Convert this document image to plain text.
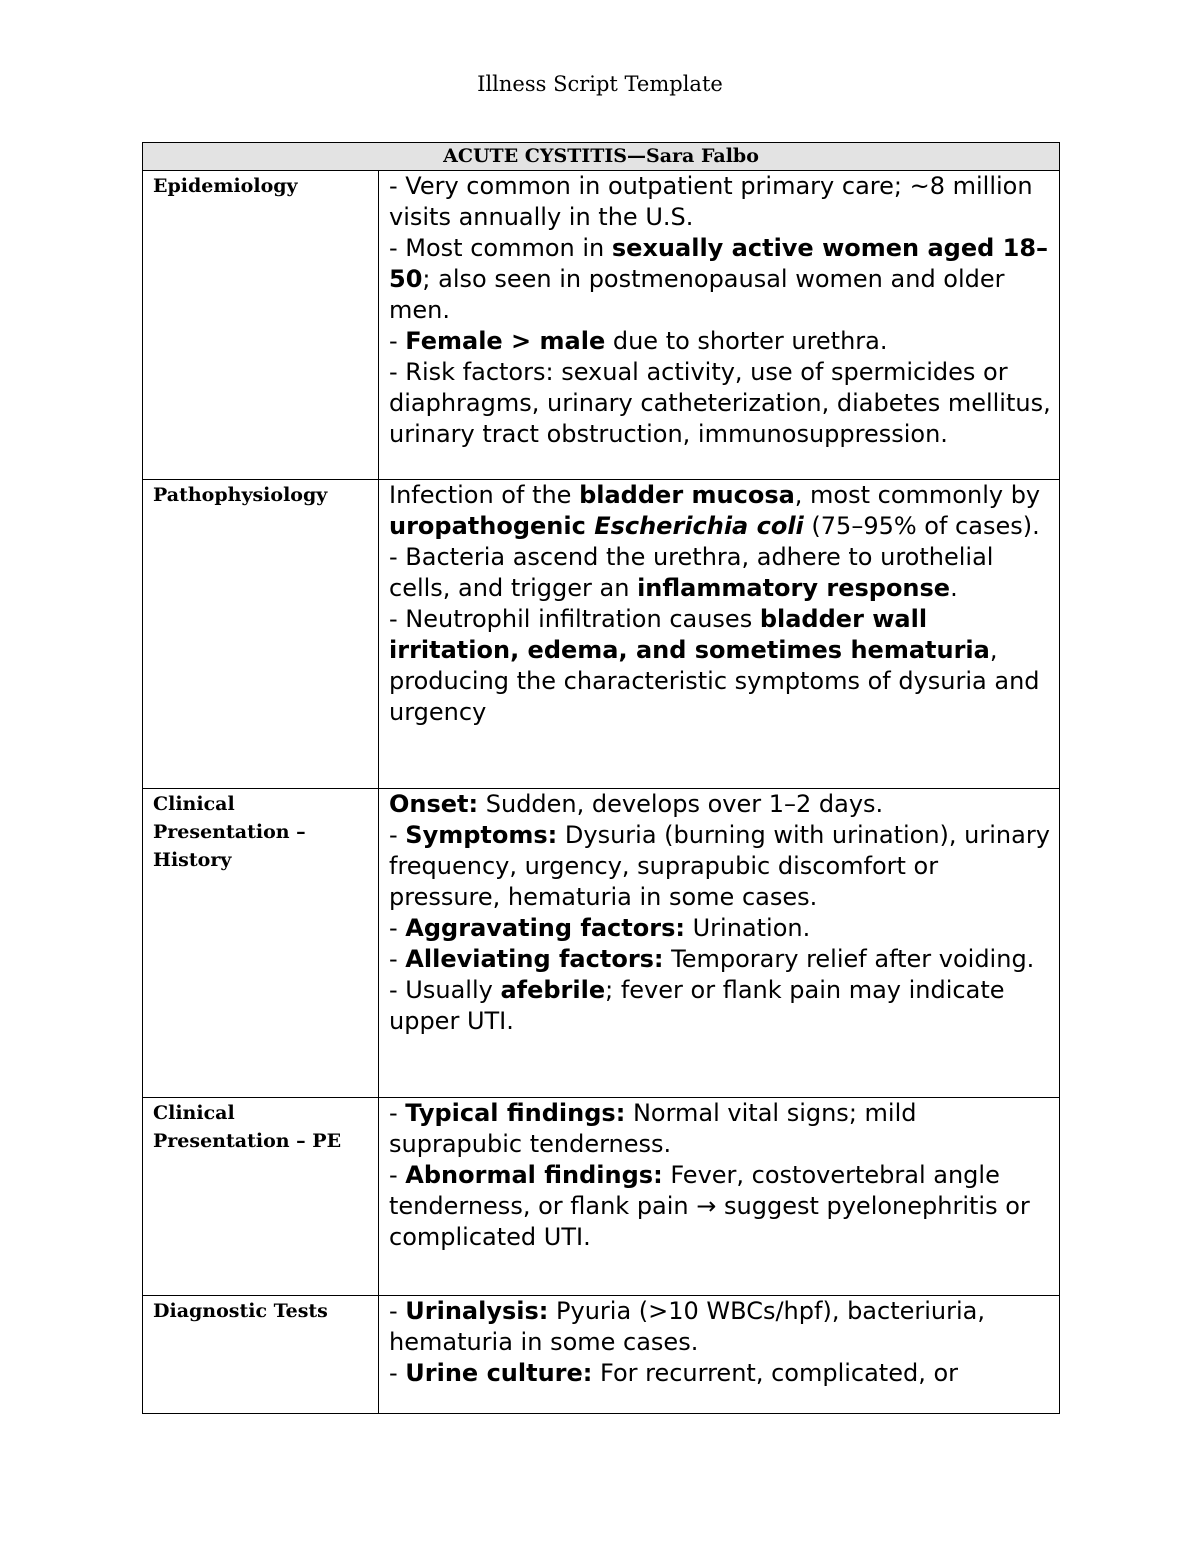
Illness Script Template
ACUTE CYSTITIS—Sara Falbo	
Epidemiology	- Very common in outpatient primary care; ~8 million visits annually in the U.S.
- Most common in sexually active women aged 18–50; also seen in postmenopausal women and older men.
- Female > male due to shorter urethra.
- Risk factors: sexual activity, use of spermicides or diaphragms, urinary catheterization, diabetes mellitus, urinary tract obstruction, immunosuppression.

Pathophysiology	Infection of the bladder mucosa, most commonly by uropathogenic Escherichia coli (75–95% of cases).
- Bacteria ascend the urethra, adhere to urothelial cells, and trigger an inflammatory response.
- Neutrophil infiltration causes bladder wall irritation, edema, and sometimes hematuria, producing the characteristic symptoms of dysuria and urgency

Clinical Presentation – History	Onset: Sudden, develops over 1–2 days.
- Symptoms: Dysuria (burning with urination), urinary frequency, urgency, suprapubic discomfort or pressure, hematuria in some cases.
- Aggravating factors: Urination.
- Alleviating factors: Temporary relief after voiding.
- Usually afebrile; fever or flank pain may indicate upper UTI.

Clinical Presentation – PE	- Typical findings: Normal vital signs; mild suprapubic tenderness.
- Abnormal findings: Fever, costovertebral angle tenderness, or flank pain → suggest pyelonephritis or complicated UTI.

Diagnostic Tests	- Urinalysis: Pyuria (>10 WBCs/hpf), bacteriuria, hematuria in some cases.
- Urine culture: For recurrent, complicated, or
